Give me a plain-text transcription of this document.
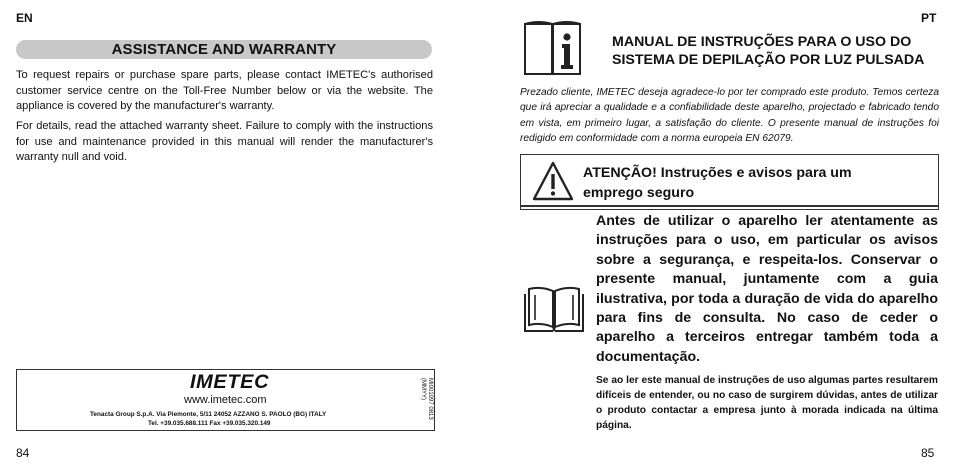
EN
ASSISTANCE AND WARRANTY
To request repairs or purchase spare parts, please contact IMETEC's authorised customer service centre on the Toll-Free Number below or via the website. The appliance is covered by the manufacturer's warranty.
For details, read the attached warranty sheet. Failure to comply with the instructions for use and maintenance provided in this manual will render the manufacturer's warranty null and void.
IMETEC
www.imetec.com
Tenacta Group S.p.A. Via Piemonte, 5/11 24052 AZZANO S. PAOLO (BG) ITALY
Tel. +39.035.688.111 Fax +39.035.320.149
MI001097 0813 (MMYY)
84
PT
MANUAL DE INSTRUÇÕES PARA O USO DO SISTEMA DE DEPILAÇÃO POR LUZ PULSADA
Prezado cliente, IMETEC deseja agradece-lo por ter comprado este produto. Temos certeza que irá apreciar a qualidade e a confiabilidade deste aparelho, projectado e fabricado tendo em vista, em primeiro lugar, a satisfação do cliente. O presente manual de instruções foi redigido em conformidade com a norma europeia EN 62079.
ATENÇÃO! Instruções e avisos para um emprego seguro
Antes de utilizar o aparelho ler atentamente as instruções para o uso, em particular os avisos sobre a segurança, e respeita-los. Conservar o presente manual, juntamente com a guia ilustrativa, por toda a duração de vida do aparelho para fins de consulta. No caso de ceder o aparelho a terceiros entregar também toda a documentação.
Se ao ler este manual de instruções de uso algumas partes resultarem difíceis de entender, ou no caso de surgirem dúvidas, antes de utilizar o produto contactar a empresa junto à morada indicada na última página.
85
